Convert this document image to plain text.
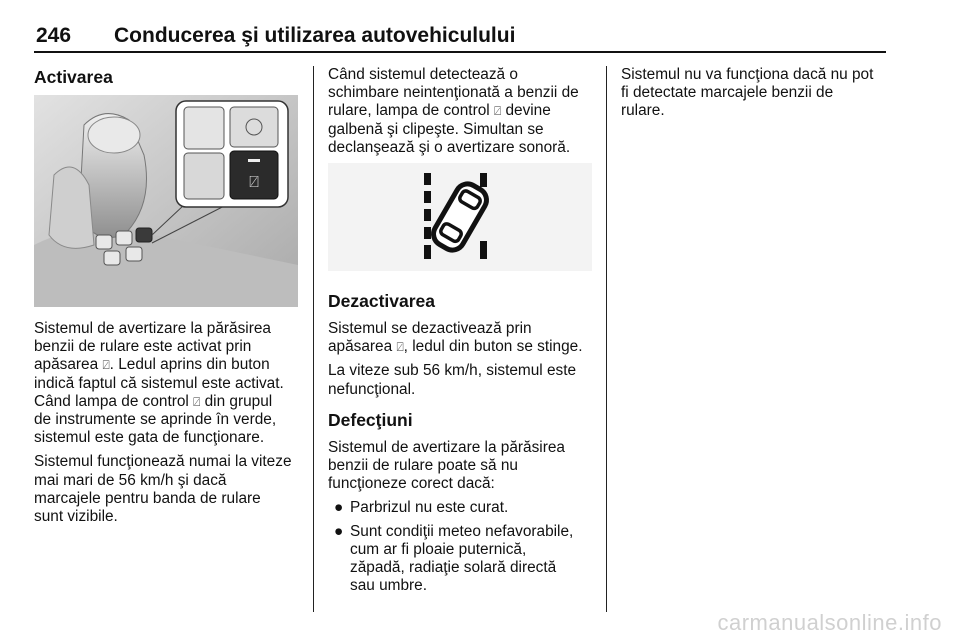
246 Conducerea şi utilizarea autovehiculului
Activarea
⍁

Sistemul de avertizare la părăsirea
benzii de rulare este activat prin
apăsarea ⍁. Ledul aprins din buton
indică faptul că sistemul este activat.
Când lampa de control ⍁ din grupul
de instrumente se aprinde în verde,
sistemul este gata de funcţionare.

Sistemul funcţionează numai la viteze
mai mari de 56 km/h şi dacă
marcajele pentru banda de rulare
sunt vizibile.

Când sistemul detectează o
schimbare neintenţionată a benzii de
rulare, lampa de control ⍁ devine
galbenă şi clipeşte. Simultan se
declanşează şi o avertizare sonoră.

Dezactivarea

Sistemul se dezactivează prin
apăsarea ⍁, ledul din buton se stinge.

La viteze sub 56 km/h, sistemul este
nefuncţional.

Defecţiuni

Sistemul de avertizare la părăsirea
benzii de rulare poate să nu
funcţioneze corect dacă:

● Parbrizul nu este curat.
● Sunt condiţii meteo nefavorabile,
cum ar fi ploaie puternică,
zăpadă, radiaţie solară directă
sau umbre.

Sistemul nu va funcţiona dacă nu pot
fi detectate marcajele benzii de
rulare.

carmanualsonline.info
